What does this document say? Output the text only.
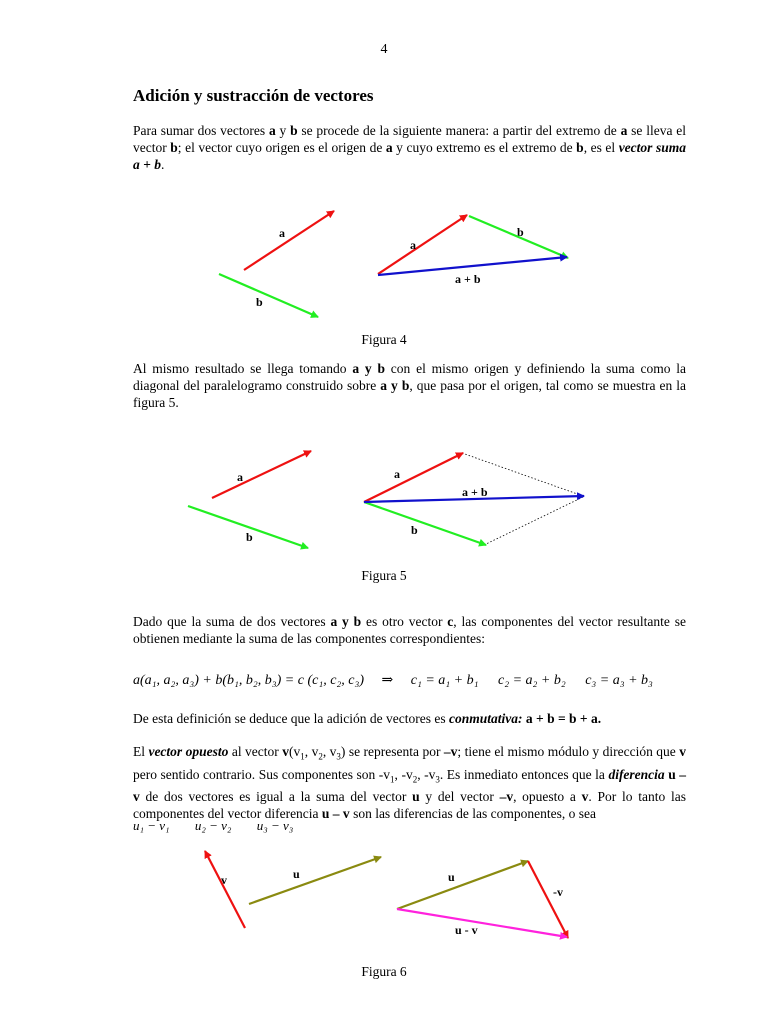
4
Adición y sustracción de vectores

Para sumar dos vectores a y b se procede de la siguiente manera: a partir del extremo de a se lleva el vector b; el vector cuyo origen es el origen de a y cuyo extremo es el extremo de b, es el vector suma a + b.

a
b
a
b
a + b
a
b
a
b
a + b
v	u	u
-v
u - v
Figura 4

Al mismo resultado se llega tomando a y b con el mismo origen y definiendo la suma como la diagonal del paralelogramo construido sobre a y b, que pasa por el origen, tal como se muestra en la figura 5.

Figura 5

Dado que la suma de dos vectores a y b es otro vector c, las componentes del vector resultante se obtienen mediante la suma de las componentes correspondientes:

a(a₁, a₂, a₃) + b(b₁, b₂, b₃) = c (c₁, c₂, c₃) ⇒ c₁ = a₁ + b₁ c₂ = a₂ + b₂ c₃ = a₃ + b₃

De esta definición se deduce que la adición de vectores es conmutativa: a + b = b + a.

El vector opuesto al vector $v(v_1$, $v_2$, $v_3$) se representa por –v; tiene el mismo módulo y dirección que v pero sentido contrario. Sus componentes son $-v_1$, $-v_2$, $-v_3$. Es inmediato entonces que la diferencia u – v de dos vectores es igual a la suma del vector u y del vector –v, opuesto a v. Por lo tanto las componentes del vector diferencia u – v son las diferencias de las componentes, o sea

u₁ − v₁ u₂ − v₂ u₃ − v₃
Figura 6
